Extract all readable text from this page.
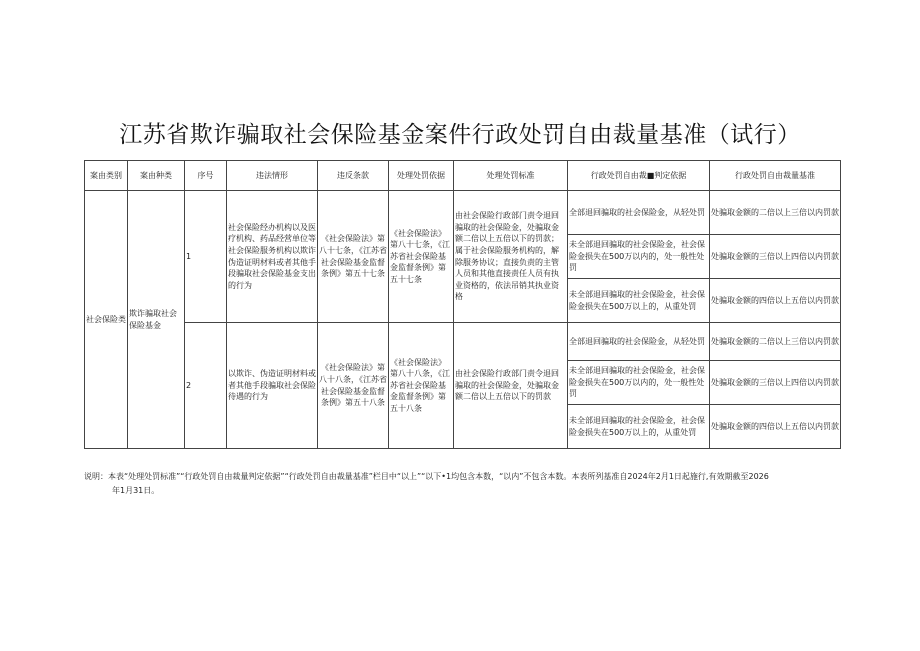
江苏省欺诈骗取社会保险基金案件行政处罚自由裁量基准（试行）
案由类别	案由种类	序号	违法情形	违反条款	处理处罚依据	处理处罚标准	行政处罚自由裁■判定依据	行政处罚自由裁量基准
社会保险类	欺诈骗取社会保险基金	1	社会保险经办机构以及医疗机构、药品经营单位等社会保险服务机构以欺诈伪造证明材料或者其他手段骗取社会保险基金支出的行为	《社会保险法》第八十七条，《江苏省社会保险基金监督条例》第五十七条	《社会保险法》第八十七条，《江苏省社会保险基金监督条例》第五十七条	由社会保险行政部门责令退回骗取的社会保险金，处骗取金额二倍以上五倍以下的罚款；属于社会保险服务机构的，解除服务协议；直接负责的主管人员和其他直接责任人员有执业资格的，依法吊销其执业资格	全部退回骗取的社会保险金，从轻处罚	处骗取金额的二倍以上三倍以内罚款
							未全部退回骗取的社会保险金，社会保险金损失在500万以内的，处一般性处罚	处骗取金额的三倍以上四倍以内罚款
							未全部退回骗取的社会保险金，社会保险金损失在500万以上的，从重处罚	处骗取金额的四倍以上五倍以内罚款
		2	以欺诈、伪造证明材料或者其他手段骗取社会保险待遇的行为	《社会保险法》第八十八条，《江苏省社会保险基金监督条例》第五十八条	《社会保险法》第八十八条，《江苏省社会保险基金监督条例》第五十八条	由社会保险行政部门责令退回骗取的社会保险金，处骗取金额二倍以上五倍以下的罚款	全部退回骗取的社会保险金，从轻处罚	处骗取金额的二倍以上三倍以内罚款
							未全部退回骗取的社会保险金，社会保险金损失在500万以内的，处一般性处罚	处骗取金额的三倍以上四倍以内罚款
							未全部退回骗取的社会保险金，社会保险金损失在500万以上的，从重处罚	处骗取金额的四倍以上五倍以内罚款
说明：本表“处理处罚标准”“行政处罚自由裁量判定依据”“行政处罚自由裁量基准”栏目中“以上”“以下•1均包含本数，“以内”不包含本数。本表所列基准自2024年2月1日起施行,有效期截至2026
年1月31日。
